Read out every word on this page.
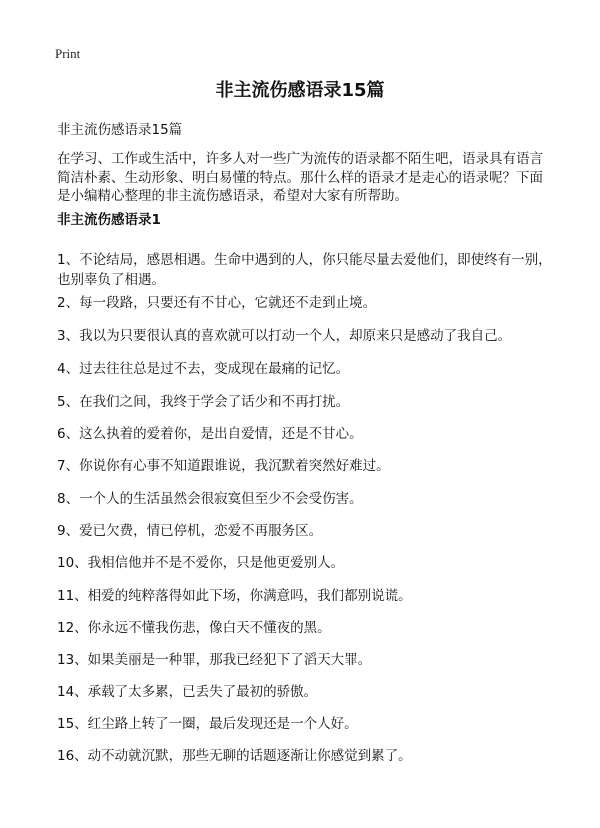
Print
非主流伤感语录15篇
非主流伤感语录15篇

在学习、工作或生活中，许多人对一些广为流传的语录都不陌生吧，语录具有语言简洁朴素、生动形象、明白易懂的特点。那什么样的语录才是走心的语录呢？下面是小编精心整理的非主流伤感语录，希望对大家有所帮助。

非主流伤感语录1
1、不论结局，感恩相遇。生命中遇到的人，你只能尽量去爱他们，即使终有一别，也别辜负了相遇。
2、每一段路，只要还有不甘心，它就还不走到止境。
3、我以为只要很认真的喜欢就可以打动一个人，却原来只是感动了我自己。
4、过去往往总是过不去，变成现在最痛的记忆。
5、在我们之间，我终于学会了话少和不再打扰。
6、这么执着的爱着你，是出自爱情，还是不甘心。
7、你说你有心事不知道跟谁说，我沉默着突然好难过。
8、一个人的生活虽然会很寂寞但至少不会受伤害。
9、爱已欠费，情已停机，恋爱不再服务区。
10、我相信他并不是不爱你，只是他更爱别人。
11、相爱的纯粹落得如此下场，你满意吗，我们都别说谎。
12、你永远不懂我伤悲，像白天不懂夜的黑。
13、如果美丽是一种罪，那我已经犯下了滔天大罪。
14、承载了太多累，已丢失了最初的骄傲。
15、红尘路上转了一圈，最后发现还是一个人好。
16、动不动就沉默，那些无聊的话题逐渐让你感觉到累了。
